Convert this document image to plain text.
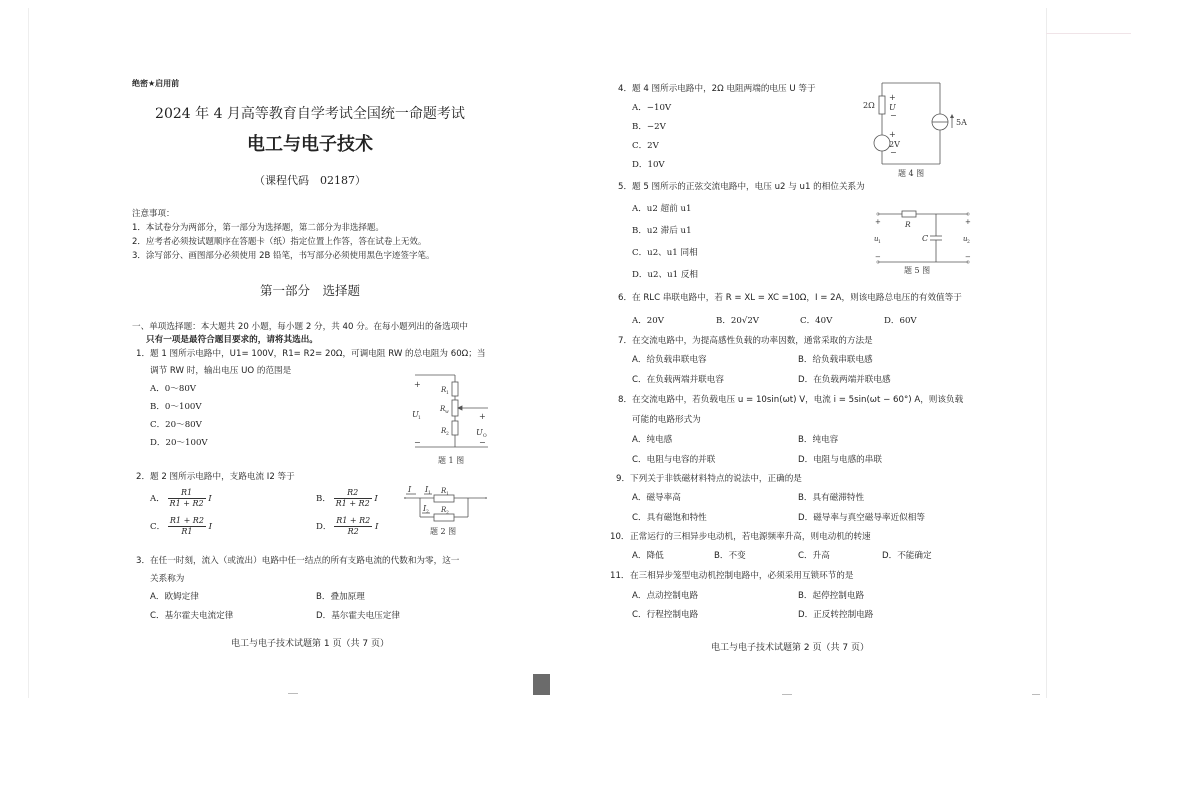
绝密★启用前
2024 年 4 月高等教育自学考试全国统一命题考试
电工与电子技术
（课程代码　02187）
注意事项：
1．本试卷分为两部分，第一部分为选择题，第二部分为非选择题。
2．应考者必须按试题顺序在答题卡（纸）指定位置上作答，答在试卷上无效。
3．涂写部分、画图部分必须使用 2B 铅笔，书写部分必须使用黑色字迹签字笔。
第一部分　选择题
一、单项选择题：本大题共 20 小题，每小题 2 分，共 40 分。在每小题列出的备选项中
只有一项是最符合题目要求的，请将其选出。
1． 题 1 图所示电路中，U1= 100V，R1= R2= 20Ω，可调电阻 RW 的总电阻为 60Ω；当
调节 RW 时，输出电压 UO 的范围是
A．0～80V
B．0～100V
C．20～80V
D．20～100V
+
R 1
R w
U 1
R 2
+
U O
−	−
题 1 图
2． 题 2 图所示电路中，支路电流 I2 等于
A． $\frac{R1}{R1 + R2}$ I	B． $\frac{R2}{R1 + R2}$ I
C． $\frac{R1 + R2}{R1}$ I	D． $\frac{R1 + R2}{R2}$ I
I I 1 R 1
I 2 R 2
题 2 图
3． 在任一时刻，流入（或流出）电路中任一结点的所有支路电流的代数和为零，这一
关系称为
A．欧姆定律	B．叠加原理
C．基尔霍夫电流定律	D．基尔霍夫电压定律
电工与电子技术试题第 1 页（共 7 页）
4． 题 4 图所示电路中，2Ω 电阻两端的电压 U 等于
A．−10V
B．−2V
C．2V
D．10V
2Ω
+
U
−
+
2V
−
5A
题 4 图
5． 题 5 图所示的正弦交流电路中，电压 u2 与 u1 的相位关系为
A．u2 超前 u1
B．u2 滞后 u1
C．u2、u1 同相
D．u2、u1 反相
+	R	+
u 1	C	u 2
−	−
题 5 图
6． 在 RLC 串联电路中，若 R = XL = XC =10Ω，I = 2A，则该电路总电压的有效值等于
A．20V	B．20√2V	C．40V	D．60V
7． 在交流电路中，为提高感性负载的功率因数，通常采取的方法是
A．给负载串联电容	B．给负载串联电感
C．在负载两端并联电容	D．在负载两端并联电感
8． 在交流电路中，若负载电压 u = 10sin(ωt) V，电流 i = 5sin(ωt − 60°) A，则该负载
可能的电路形式为
A．纯电感	B．纯电容
C．电阻与电容的并联	D．电阻与电感的串联
9． 下列关于非铁磁材料特点的说法中，正确的是
A．磁导率高	B．具有磁滞特性
C．具有磁饱和特性	D．磁导率与真空磁导率近似相等
10． 正常运行的三相异步电动机，若电源频率升高，则电动机的转速
A．降低	B．不变	C．升高	D．不能确定
11． 在三相异步笼型电动机控制电路中，必须采用互锁环节的是
A．点动控制电路	B．起停控制电路
C．行程控制电路	D．正反转控制电路
电工与电子技术试题第 2 页（共 7 页）
